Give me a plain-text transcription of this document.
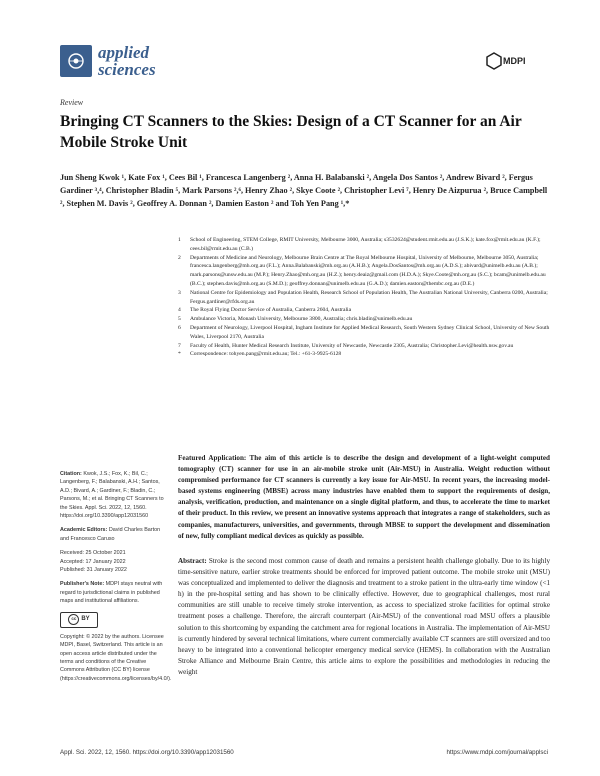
applied
sciences	MDPI
Review
Bringing CT Scanners to the Skies: Design of a CT Scanner for an Air Mobile Stroke Unit
Jun Sheng Kwok ¹, Kate Fox ¹, Cees Bil ¹, Francesca Langenberg ², Anna H. Balabanski ², Angela Dos Santos ², Andrew Bivard ², Fergus Gardiner ³,⁴, Christopher Bladin ⁵, Mark Parsons ²,⁶, Henry Zhao ², Skye Coote ², Christopher Levi ⁷, Henry De Aizpurua ², Bruce Campbell ², Stephen M. Davis ², Geoffrey A. Donnan ², Damien Easton ² and Toh Yen Pang ¹,*
1	School of Engineering, STEM College, RMIT University, Melbourne 3000, Australia; s3532624@student.rmit.edu.au (J.S.K.); kate.fox@rmit.edu.au (K.F.); cees.bil@rmit.edu.au (C.B.)
2	Departments of Medicine and Neurology, Melbourne Brain Centre at The Royal Melbourne Hospital, University of Melbourne, Melbourne 3050, Australia; francesca.langenberg@mh.org.au (F.L.); Anna.Balabanski@mh.org.au (A.H.B.); Angela.DosSantos@mh.org.au (A.D.S.); abivard@unimelb.edu.au (A.B.); mark.parsons@unsw.edu.au (M.P.); Henry.Zhao@mh.org.au (H.Z.); henry.deaiz@gmail.com (H.D.A.); Skye.Coote@mh.org.au (S.C.); bcam@unimelb.edu.au (B.C.); stephen.davis@mh.org.au (S.M.D.); geoffrey.donnan@unimelb.edu.au (G.A.D.); damien.easton@thembc.org.au (D.E.)
3	National Centre for Epidemiology and Population Health, Research School of Population Health, The Australian National University, Canberra 0200, Australia; Fergus.gardiner@rfds.org.au
4	The Royal Flying Doctor Service of Australia, Canberra 2604, Australia
5	Ambulance Victoria, Monash University, Melbourne 3800, Australia; chris.bladin@unimelb.edu.au
6	Department of Neurology, Liverpool Hospital, Ingham Institute for Applied Medical Research, South Western Sydney Clinical School, University of New South Wales, Liverpool 2170, Australia
7	Faculty of Health, Hunter Medical Research Institute, University of Newcastle, Newcastle 2305, Australia; Christopher.Levi@health.nsw.gov.au
*	Correspondence: tohyen.pang@rmit.edu.au; Tel.: +61-3-9925-6128
Citation: Kwok, J.S.; Fox, K.; Bil, C.; Langenberg, F.; Balabanski, A.H.; Santos, A.D.; Bivard, A.; Gardiner, F.; Bladin, C.; Parsons, M.; et al. Bringing CT Scanners to the Skies. Appl. Sci. 2022, 12, 1560. https://doi.org/10.3390/app12031560
Academic Editors: David Charles Barton and Francesco Caruso
Received: 25 October 2021
Accepted: 17 January 2022
Published: 31 January 2022
Publisher's Note: MDPI stays neutral with regard to jurisdictional claims in published maps and institutional affiliations.
cc BY
Copyright: © 2022 by the authors. Licensee MDPI, Basel, Switzerland. This article is an open access article distributed under the terms and conditions of the Creative Commons Attribution (CC BY) license (https://creativecommons.org/licenses/by/4.0/).
Featured Application: The aim of this article is to describe the design and development of a light-weight computed tomography (CT) scanner for use in an air-mobile stroke unit (Air-MSU) in Australia. Weight reduction without compromised performance for CT scanners is currently a key issue for Air-MSU. In recent years, the increasing model-based systems engineering (MBSE) across many industries have enabled them to support the requirements of design, analysis, verification, production, and maintenance on a single digital platform, and thus, to accelerate the time to market of their product. In this review, we present an innovative systems approach that integrates a range of stakeholders, such as companies, manufacturers, universities, and governments, through MBSE to support the development and dissemination of new, fully compliant medical devices as quickly as possible.
Abstract: Stroke is the second most common cause of death and remains a persistent health challenge globally. Due to its highly time-sensitive nature, earlier stroke treatments should be enforced for improved patient outcome. The mobile stroke unit (MSU) was conceptualized and implemented to deliver the diagnosis and treatment to a stroke patient in the ultra-early time window (<1 h) in the pre-hospital setting and has shown to be clinically effective. However, due to geographical challenges, most rural communities are still unable to receive timely stroke intervention, as access to specialized stroke facilities for optimal stroke treatment poses a challenge. Therefore, the aircraft counterpart (Air-MSU) of the conventional road MSU offers a plausible solution to this shortcoming by expanding the catchment area for regional locations in Australia. The implementation of Air-MSU is currently hindered by several technical limitations, where current commercially available CT scanners are still oversized and too heavy to be integrated into a conventional helicopter emergency medical service (HEMS). In collaboration with the Australian Stroke Alliance and Melbourne Brain Centre, this article aims to explore the possibilities and methodologies in reducing the weight
Appl. Sci. 2022, 12, 1560. https://doi.org/10.3390/app12031560	https://www.mdpi.com/journal/applsci
